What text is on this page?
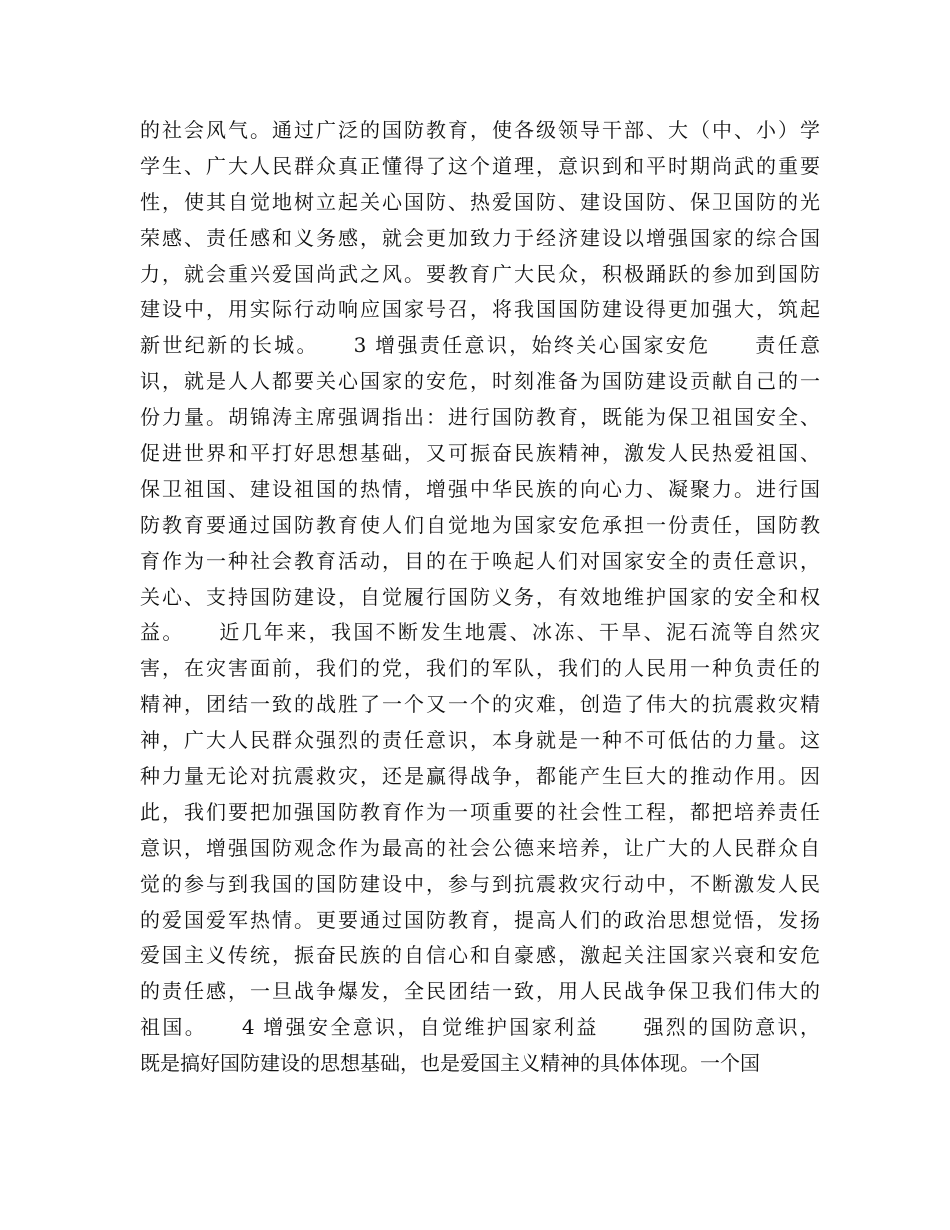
的社会风气。通过广泛的国防教育，使各级领导干部、大（中、小）学
学生、广大人民群众真正懂得了这个道理，意识到和平时期尚武的重要
性，使其自觉地树立起关心国防、热爱国防、建设国防、保卫国防的光
荣感、责任感和义务感，就会更加致力于经济建设以增强国家的综合国
力，就会重兴爱国尚武之风。要教育广大民众，积极踊跃的参加到国防
建设中，用实际行动响应国家号召，将我国国防建设得更加强大，筑起
新世纪新的长城。　　3 增强责任意识，始终关心国家安危　　责任意
识，就是人人都要关心国家的安危，时刻准备为国防建设贡献自己的一
份力量。胡锦涛主席强调指出：进行国防教育，既能为保卫祖国安全、
促进世界和平打好思想基础，又可振奋民族精神，激发人民热爱祖国、
保卫祖国、建设祖国的热情，增强中华民族的向心力、凝聚力。进行国
防教育要通过国防教育使人们自觉地为国家安危承担一份责任，国防教
育作为一种社会教育活动，目的在于唤起人们对国家安全的责任意识，
关心、支持国防建设，自觉履行国防义务，有效地维护国家的安全和权
益。　　近几年来，我国不断发生地震、冰冻、干旱、泥石流等自然灾
害，在灾害面前，我们的党，我们的军队，我们的人民用一种负责任的
精神，团结一致的战胜了一个又一个的灾难，创造了伟大的抗震救灾精
神，广大人民群众强烈的责任意识，本身就是一种不可低估的力量。这
种力量无论对抗震救灾，还是赢得战争，都能产生巨大的推动作用。因
此，我们要把加强国防教育作为一项重要的社会性工程，都把培养责任
意识，增强国防观念作为最高的社会公德来培养，让广大的人民群众自
觉的参与到我国的国防建设中，参与到抗震救灾行动中，不断激发人民
的爱国爱军热情。更要通过国防教育，提高人们的政治思想觉悟，发扬
爱国主义传统，振奋民族的自信心和自豪感，激起关注国家兴衰和安危
的责任感，一旦战争爆发，全民团结一致，用人民战争保卫我们伟大的
祖国。　　4 增强安全意识，自觉维护国家利益　　强烈的国防意识，
既是搞好国防建设的思想基础，也是爱国主义精神的具体体现。一个国
